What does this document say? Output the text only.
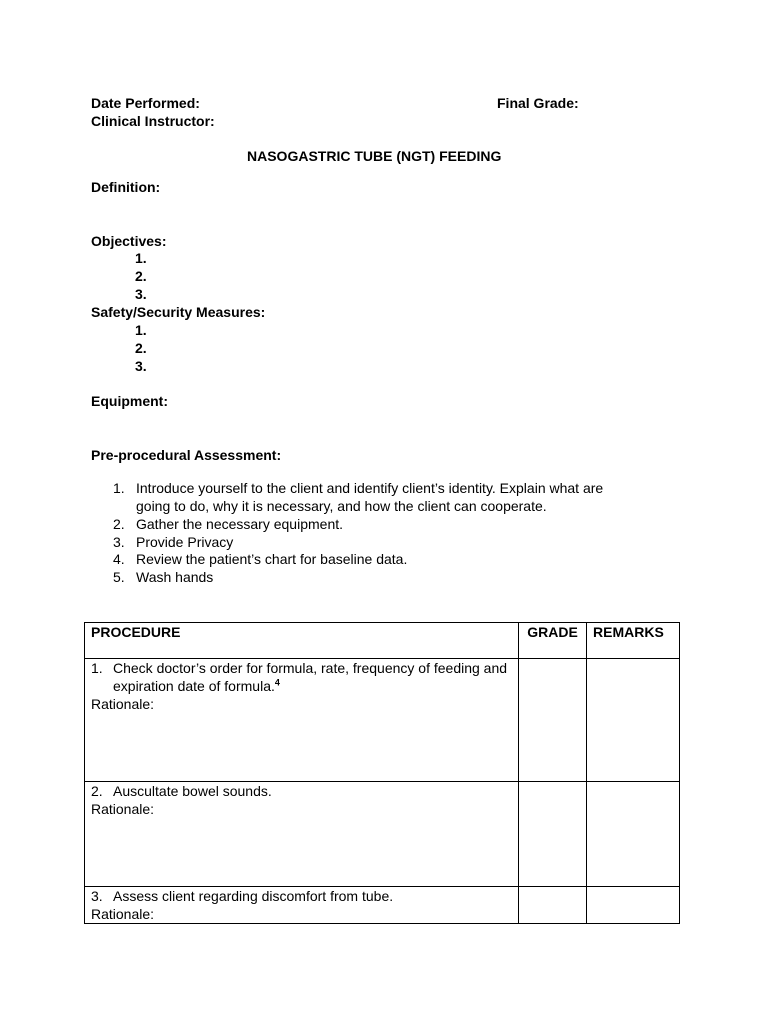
Date Performed:	Final Grade:
Clinical Instructor:
NASOGASTRIC TUBE (NGT) FEEDING
Definition:
Objectives:
1.
2.
3.
Safety/Security Measures:
1.
2.
3.
Equipment:
Pre-procedural Assessment:
1. Introduce yourself to the client and identify client’s identity. Explain what are
going to do, why it is necessary, and how the client can cooperate.
2. Gather the necessary equipment.
3. Provide Privacy
4. Review the patient’s chart for baseline data.
5. Wash hands
PROCEDURE	GRADE	REMARKS

1. Check doctor’s order for formula, rate, frequency of feeding and expiration date of formula.$^4$
Rationale:		

2. Auscultate bowel sounds.
Rationale:		

3. Assess client regarding discomfort from tube.
Rationale:		
